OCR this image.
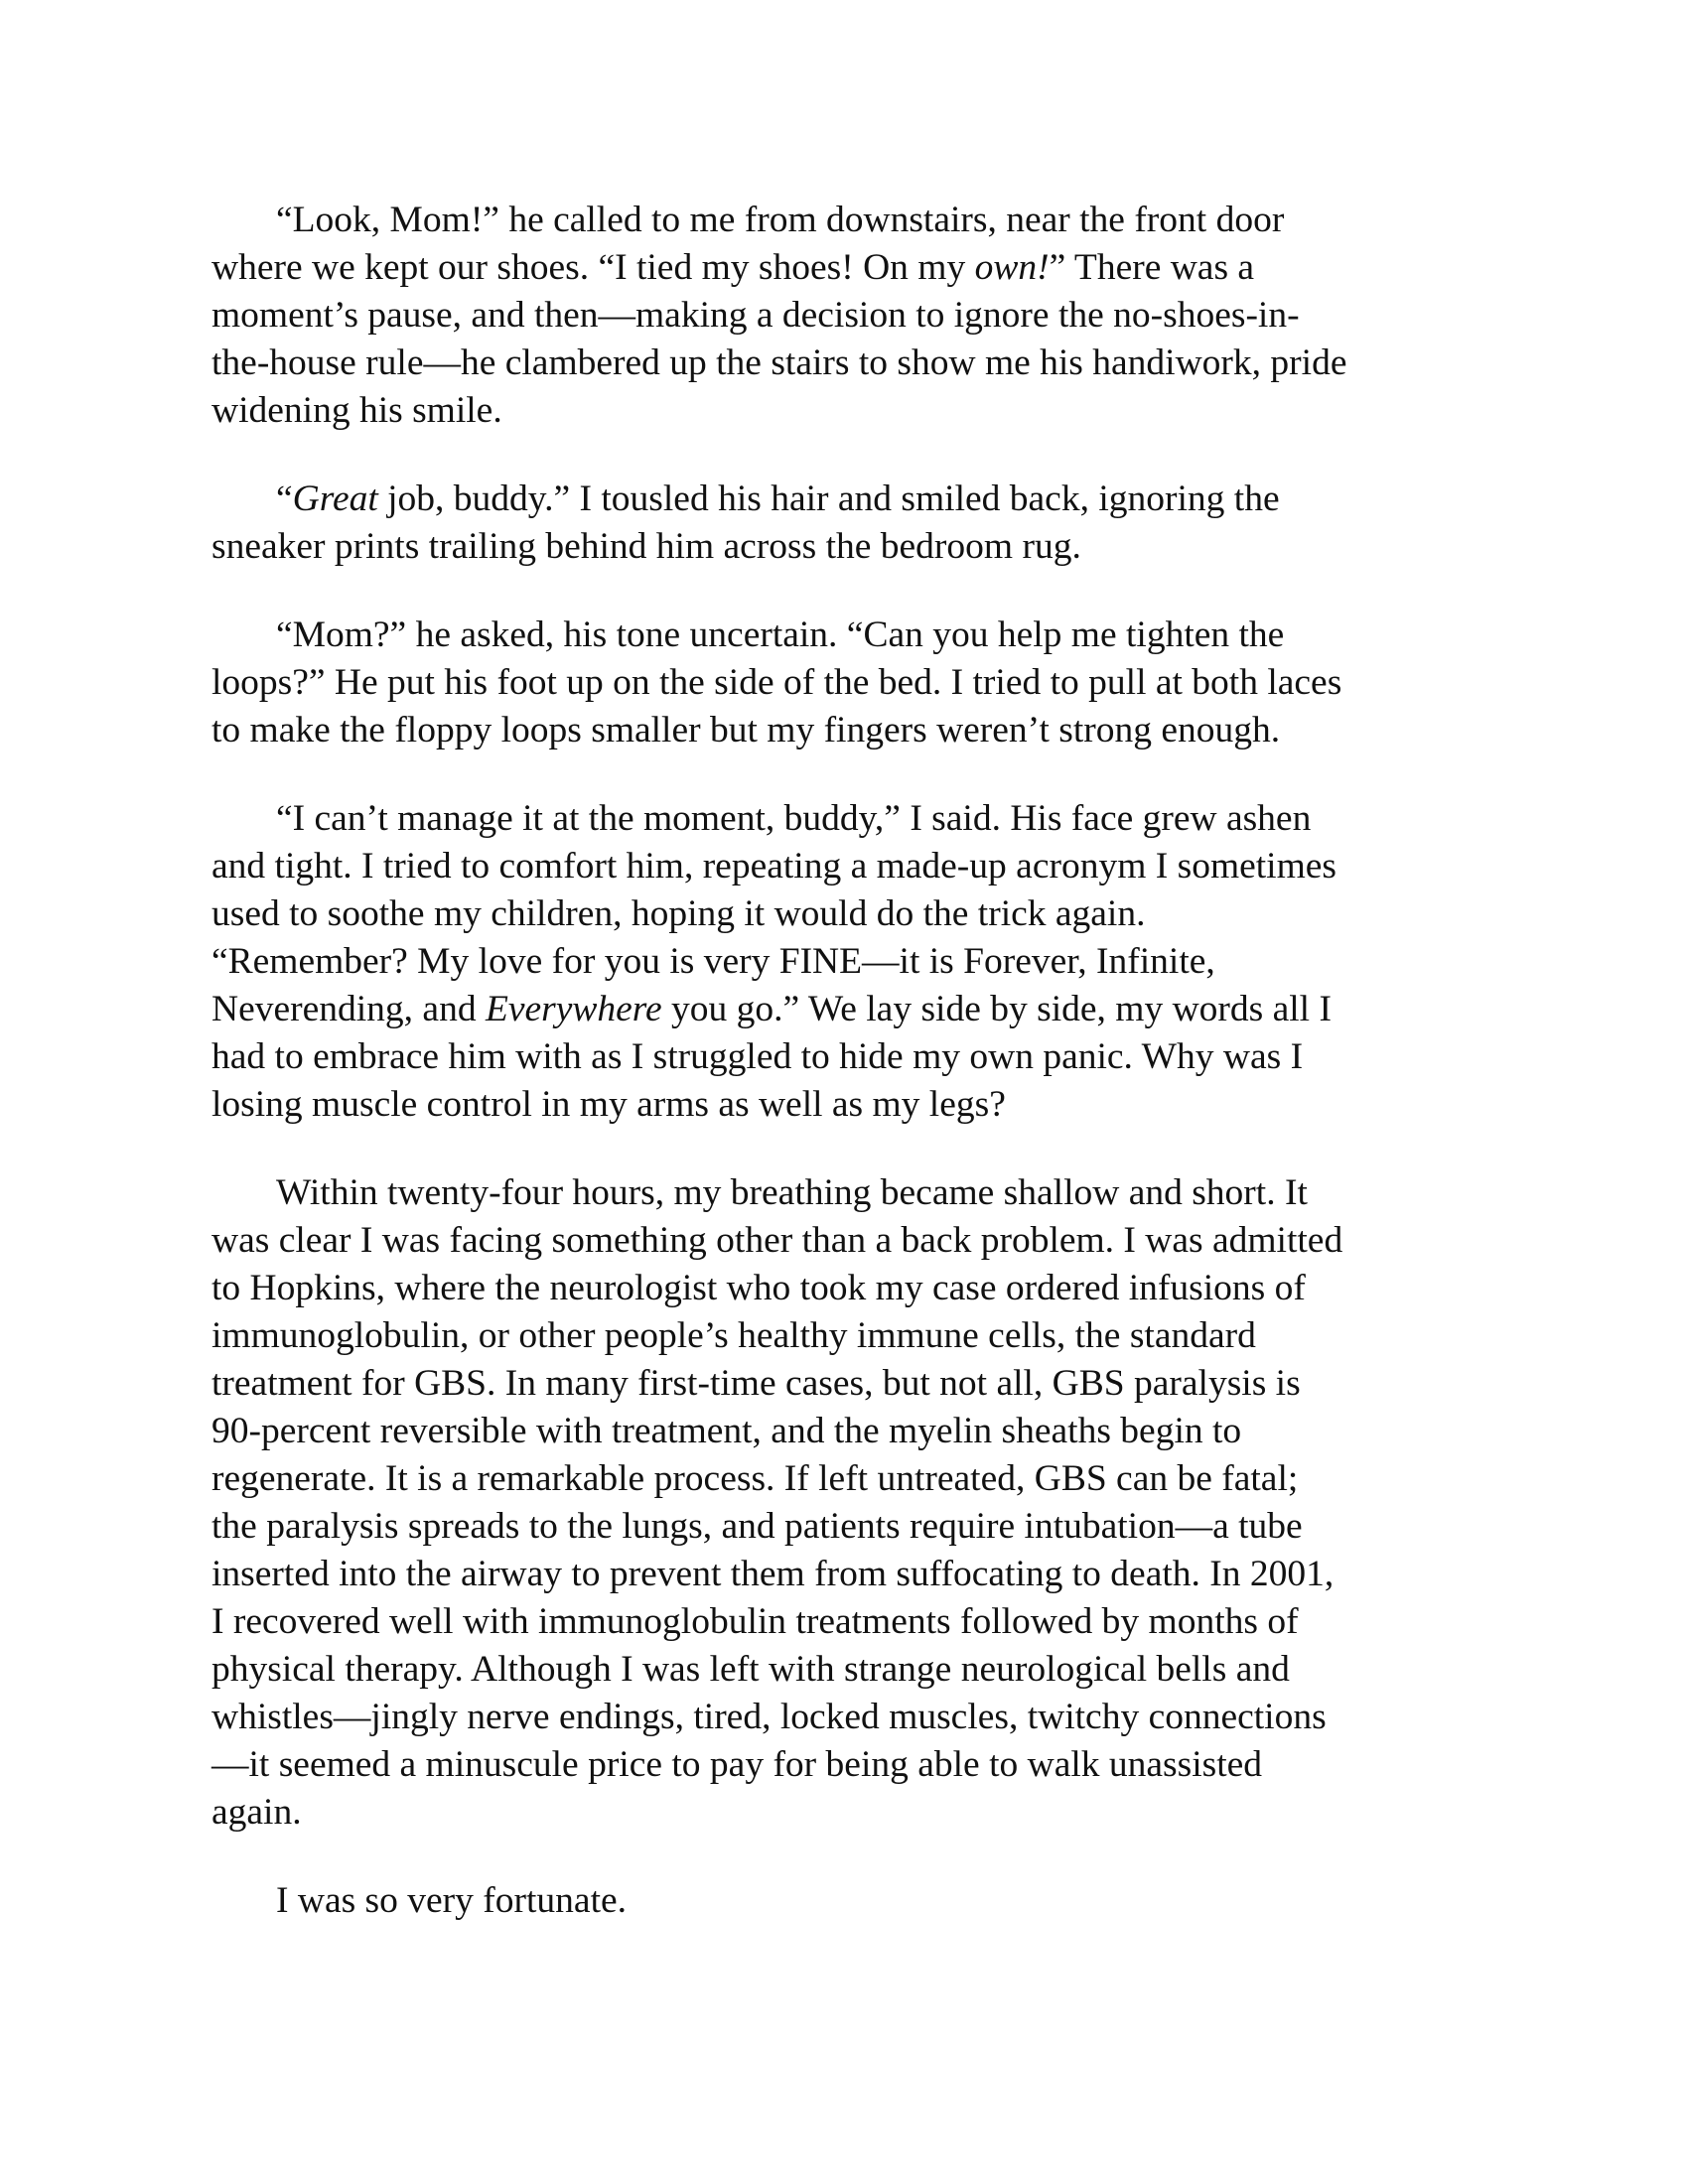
“Look, Mom!” he called to me from downstairs, near the front door
where we kept our shoes. “I tied my shoes! On my own!” There was a
moment’s pause, and then—making a decision to ignore the no-shoes-in-
the-house rule—he clambered up the stairs to show me his handiwork, pride
widening his smile.

“Great job, buddy.” I tousled his hair and smiled back, ignoring the
sneaker prints trailing behind him across the bedroom rug.

“Mom?” he asked, his tone uncertain. “Can you help me tighten the
loops?” He put his foot up on the side of the bed. I tried to pull at both laces
to make the floppy loops smaller but my fingers weren’t strong enough.

“I can’t manage it at the moment, buddy,” I said. His face grew ashen
and tight. I tried to comfort him, repeating a made-up acronym I sometimes
used to soothe my children, hoping it would do the trick again.
“Remember? My love for you is very FINE—it is Forever, Infinite,
Neverending, and Everywhere you go.” We lay side by side, my words all I
had to embrace him with as I struggled to hide my own panic. Why was I
losing muscle control in my arms as well as my legs?

Within twenty-four hours, my breathing became shallow and short. It
was clear I was facing something other than a back problem. I was admitted
to Hopkins, where the neurologist who took my case ordered infusions of
immunoglobulin, or other people’s healthy immune cells, the standard
treatment for GBS. In many first-time cases, but not all, GBS paralysis is
90-percent reversible with treatment, and the myelin sheaths begin to
regenerate. It is a remarkable process. If left untreated, GBS can be fatal;
the paralysis spreads to the lungs, and patients require intubation—a tube
inserted into the airway to prevent them from suffocating to death. In 2001,
I recovered well with immunoglobulin treatments followed by months of
physical therapy. Although I was left with strange neurological bells and
whistles—jingly nerve endings, tired, locked muscles, twitchy connections
—it seemed a minuscule price to pay for being able to walk unassisted
again.

I was so very fortunate.
